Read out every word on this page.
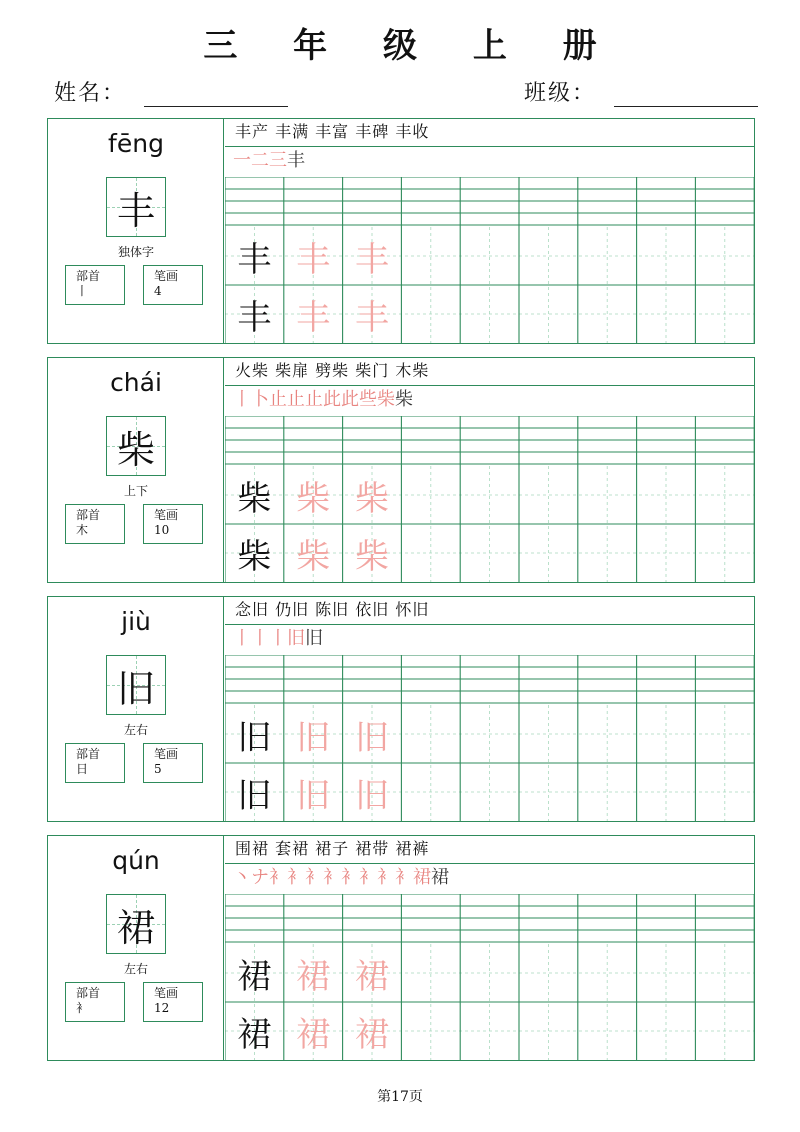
三 年 级 上 册
姓名：	班级：
fēng
丰
独体字
部首
丨
笔画
4
丰产 丰满 丰富 丰碑 丰收
一二三丰
丰 丰 丰
丰 丰 丰
chái
柴
上下
部首
木
笔画
10
火柴 柴扉 劈柴 柴门 木柴
丨卜止止止此此些柴柴
柴 柴 柴
柴 柴 柴
jiù
旧
左右
部首
日
笔画
5
念旧 仍旧 陈旧 依旧 怀旧
丨丨丨旧旧
旧 旧 旧
旧 旧 旧
qún
裙
左右
部首
衤
笔画
12
围裙 套裙 裙子 裙带 裙裤
丶ナ衤衤衤衤衤衤衤衤裙裙
裙 裙 裙
裙 裙 裙
第17页
